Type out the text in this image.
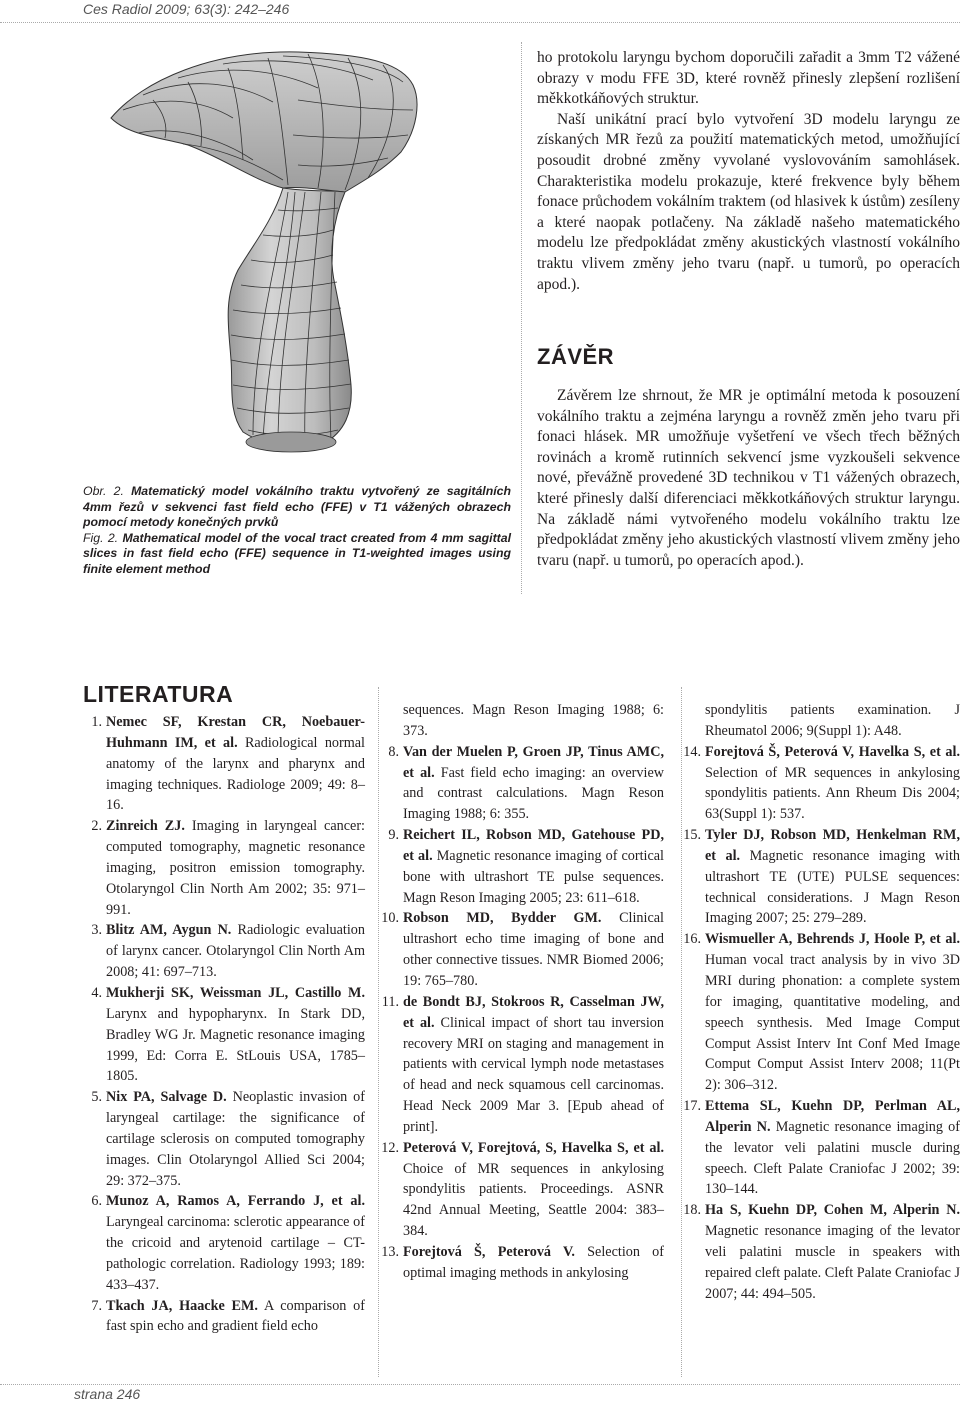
Ces Radiol 2009; 63(3): 242–246

Obr. 2. Matematický model vokálního traktu vytvořený ze sagitálních 4mm řezů v sekvenci fast field echo (FFE) v T1 vážených obrazech pomocí metody konečných prvků

Fig. 2. Mathematical model of the vocal tract created from 4 mm sagittal slices in fast field echo (FFE) sequence in T1-weighted images using finite element method

ho protokolu laryngu bychom doporučili zařadit a 3mm T2 vážené obrazy v modu FFE 3D, které rovněž přinesly zlepšení rozlišení měkkotkáňových struktur.

Naší unikátní prací bylo vytvoření 3D modelu laryngu ze získaných MR řezů za použití matematických metod, umožňující posoudit drobné změny vyvolané vyslovováním samohlásek. Charakteristika modelu prokazuje, které frekvence byly během fonace průchodem vokálním traktem (od hlasivek k ústům) zesíleny a které naopak potlačeny. Na základě našeho matematického modelu lze předpokládat změny akustických vlastností vokálního traktu vlivem změny jeho tvaru (např. u tumorů, po operacích apod.).

ZÁVĚR

Závěrem lze shrnout, že MR je optimální metoda k posouzení vokálního traktu a zejména laryngu a rovněž změn jeho tvaru při fonaci hlásek. MR umožňuje vyšetření ve všech třech běžných rovinách a kromě rutinních sekvencí jsme vyzkoušeli sekvence nové, převážně provedené 3D technikou v T1 vážených obrazech, které přinesly další diferenciaci měkkotkáňových struktur laryngu. Na základě námi vytvořeného modelu vokálního traktu lze předpokládat změny jeho akustických vlastností vlivem změny jeho tvaru (např. u tumorů, po operacích apod.).

LITERATURA
1. Nemec SF, Krestan CR, Noebauer-Huhmann IM, et al. Radiological normal anatomy of the larynx and pharynx and imaging techniques. Radiologe 2009; 49: 8–16.
2. Zinreich ZJ. Imaging in laryngeal cancer: computed tomography, magnetic resonance imaging, positron emission tomography. Otolaryngol Clin North Am 2002; 35: 971–991.
3. Blitz AM, Aygun N. Radiologic evaluation of larynx cancer. Otolaryngol Clin North Am 2008; 41: 697–713.
4. Mukherji SK, Weissman JL, Castillo M. Larynx and hypopharynx. In Stark DD, Bradley WG Jr. Magnetic resonance imaging 1999, Ed: Corra E. StLouis USA, 1785–1805.
5. Nix PA, Salvage D. Neoplastic invasion of laryngeal cartilage: the significance of cartilage sclerosis on computed tomography images. Clin Otolaryngol Allied Sci 2004; 29: 372–375.
6. Munoz A, Ramos A, Ferrando J, et al. Laryngeal carcinoma: sclerotic appearance of the cricoid and arytenoid cartilage – CT-pathologic correlation. Radiology 1993; 189: 433–437.
7. Tkach JA, Haacke EM. A comparison of fast spin echo and gradient field echo
sequences. Magn Reson Imaging 1988; 6: 373.
8. Van der Muelen P, Groen JP, Tinus AMC, et al. Fast field echo imaging: an overview and contrast calculations. Magn Reson Imaging 1988; 6: 355.
9. Reichert IL, Robson MD, Gatehouse PD, et al. Magnetic resonance imaging of cortical bone with ultrashort TE pulse sequences. Magn Reson Imaging 2005; 23: 611–618.
10. Robson MD, Bydder GM. Clinical ultrashort echo time imaging of bone and other connective tissues. NMR Biomed 2006; 19: 765–780.
11. de Bondt BJ, Stokroos R, Casselman JW, et al. Clinical impact of short tau inversion recovery MRI on staging and management in patients with cervical lymph node metastases of head and neck squamous cell carcinomas. Head Neck 2009 Mar 3. [Epub ahead of print].
12. Peterová V, Forejtová, S, Havelka S, et al. Choice of MR sequences in ankylosing spondylitis patients. Proceedings. ASNR 42nd Annual Meeting, Seattle 2004: 383–384.
13. Forejtová Š, Peterová V. Selection of optimal imaging methods in ankylosing
spondylitis patients examination. J Rheumatol 2006; 9(Suppl 1): A48.
14. Forejtová Š, Peterová V, Havelka S, et al. Selection of MR sequences in ankylosing spondylitis patients. Ann Rheum Dis 2004; 63(Suppl 1): 537.
15. Tyler DJ, Robson MD, Henkelman RM, et al. Magnetic resonance imaging with ultrashort TE (UTE) PULSE sequences: technical considerations. J Magn Reson Imaging 2007; 25: 279–289.
16. Wismueller A, Behrends J, Hoole P, et al. Human vocal tract analysis by in vivo 3D MRI during phonation: a complete system for imaging, quantitative modeling, and speech synthesis. Med Image Comput Comput Assist Interv Int Conf Med Image Comput Comput Assist Interv 2008; 11(Pt 2): 306–312.
17. Ettema SL, Kuehn DP, Perlman AL, Alperin N. Magnetic resonance imaging of the levator veli palatini muscle during speech. Cleft Palate Craniofac J 2002; 39: 130–144.
18. Ha S, Kuehn DP, Cohen M, Alperin N. Magnetic resonance imaging of the levator veli palatini muscle in speakers with repaired cleft palate. Cleft Palate Craniofac J 2007; 44: 494–505.
strana 246
